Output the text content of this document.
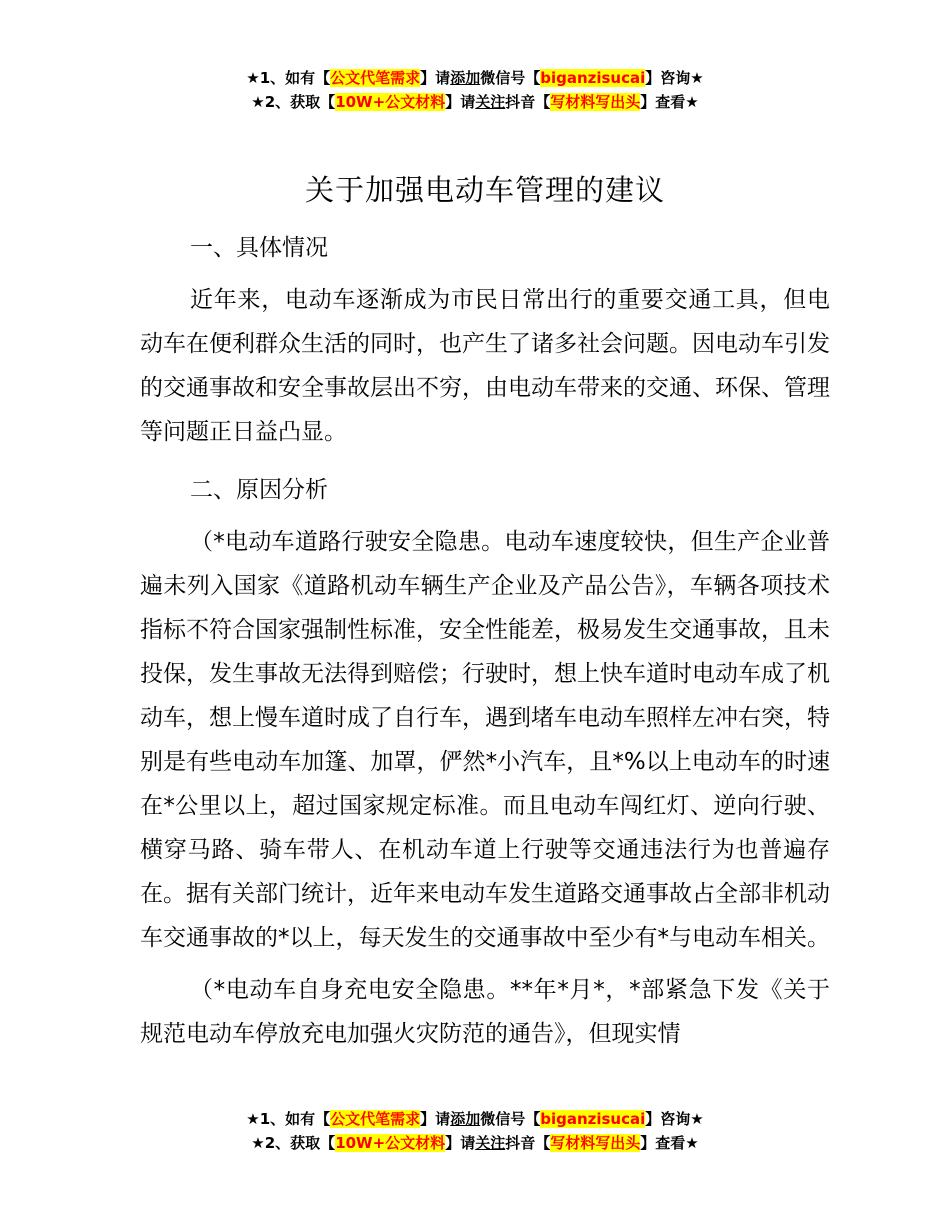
★1、如有【公文代笔需求】请添加微信号【biganzisucai】咨询★
★2、获取【10W+公文材料】请关注抖音【写材料写出头】查看★
关于加强电动车管理的建议

一、具体情况

近年来，电动车逐渐成为市民日常出行的重要交通工具，但电动车在便利群众生活的同时，也产生了诸多社会问题。因电动车引发的交通事故和安全事故层出不穷，由电动车带来的交通、环保、管理等问题正日益凸显。

二、原因分析

（*电动车道路行驶安全隐患。电动车速度较快，但生产企业普遍未列入国家《道路机动车辆生产企业及产品公告》，车辆各项技术指标不符合国家强制性标准，安全性能差，极易发生交通事故，且未投保，发生事故无法得到赔偿；行驶时，想上快车道时电动车成了机动车，想上慢车道时成了自行车，遇到堵车电动车照样左冲右突，特别是有些电动车加篷、加罩，俨然*小汽车，且*%以上电动车的时速在*公里以上，超过国家规定标准。而且电动车闯红灯、逆向行驶、横穿马路、骑车带人、在机动车道上行驶等交通违法行为也普遍存在。据有关部门统计，近年来电动车发生道路交通事故占全部非机动车交通事故的*以上，每天发生的交通事故中至少有*与电动车相关。

（*电动车自身充电安全隐患。**年*月*，*部紧急下发《关于规范电动车停放充电加强火灾防范的通告》，但现实情

★1、如有【公文代笔需求】请添加微信号【biganzisucai】咨询★
★2、获取【10W+公文材料】请关注抖音【写材料写出头】查看★
